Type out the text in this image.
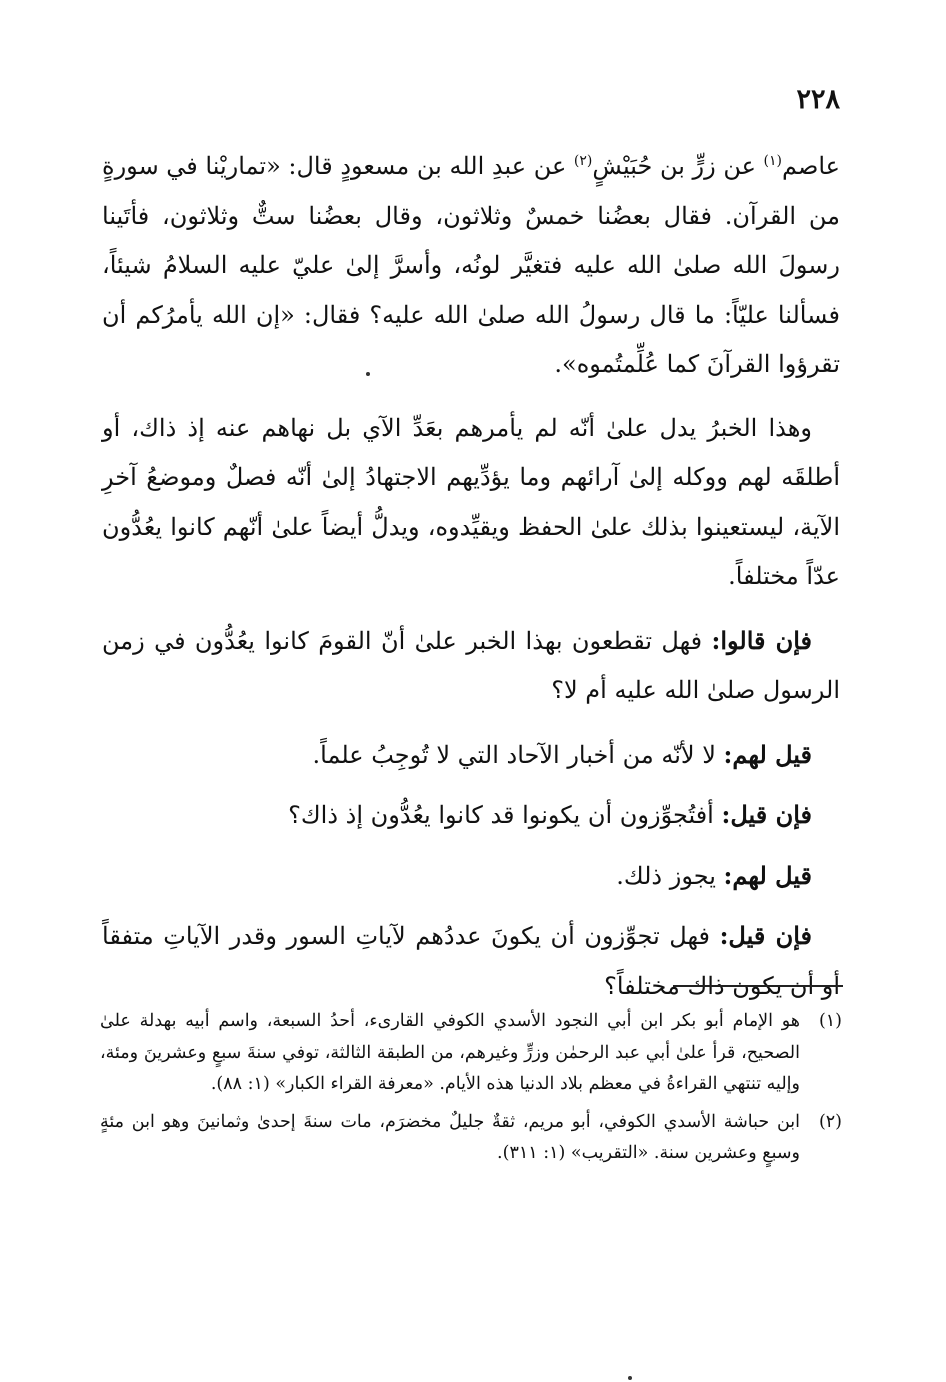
٢٢٨

عاصم$^{(١)}$ عن زرٍّ بن حُبَيْشٍ$^{(٢)}$ عن عبدِ الله بن مسعودٍ قال: «تماريْنا في سورةٍ من القرآن. فقال بعضُنا خمسٌ وثلاثون، وقال بعضُنا ستٌّ وثلاثون، فأتَينا رسولَ الله صلىٰ الله عليه فتغيَّر لونُه، وأسرَّ إلىٰ عليّ عليه السلامُ شيئاً، فسألنا عليّاً: ما قال رسولُ الله صلىٰ الله عليه؟ فقال: «إن الله يأمرُكم أن تقرؤوا القرآنَ كما عُلِّمتُموه».

وهذا الخبرُ يدل علىٰ أنّه لم يأمرهم بعَدِّ الآي بل نهاهم عنه إذ ذاك، أو أطلقَه لهم ووكله إلىٰ آرائهم وما يؤدِّيهم الاجتهادُ إلىٰ أنّه فصلٌ وموضعُ آخرِ الآية، ليستعينوا بذلك علىٰ الحفظ ويقيِّدوه، ويدلُّ أيضاً علىٰ أنّهم كانوا يعُدُّون عدّاً مختلفاً.

فإن قالوا: فهل تقطعون بهذا الخبر علىٰ أنّ القومَ كانوا يعُدُّون في زمن الرسول صلىٰ الله عليه أم لا؟

قيل لهم: لا لأنّه من أخبار الآحاد التي لا تُوجِبُ علماً.

فإن قيل: أفتُجوِّزون أن يكونوا قد كانوا يعُدُّون إذ ذاك؟

قيل لهم: يجوز ذلك.

فإن قيل: فهل تجوِّزون أن يكونَ عددُهم لآياتِ السور وقدر الآياتِ متفقاً أو أن يكون ذاك مختلفاً؟

(١)هو الإمام أبو بكر ابن أبي النجود الأسدي الكوفي القارىء، أحدُ السبعة، واسم أبيه بهدلة علىٰ الصحيح، قرأ علىٰ أبي عبد الرحمٰن وزرٍّ وغيرهم، من الطبقة الثالثة، توفي سنةَ سبعٍ وعشرينَ ومئة، وإليه تنتهي القراءةُ في معظم بلاد الدنيا هذه الأيام. «معرفة القراء الكبار» (١: ٨٨).

(٢)ابن حباشة الأسدي الكوفي، أبو مريم، ثقةٌ جليلٌ مخضرَم، مات سنةَ إحدىٰ وثمانينَ وهو ابن مئةٍ وسبعٍ وعشرين سنة. «التقريب» (١: ٣١١).
